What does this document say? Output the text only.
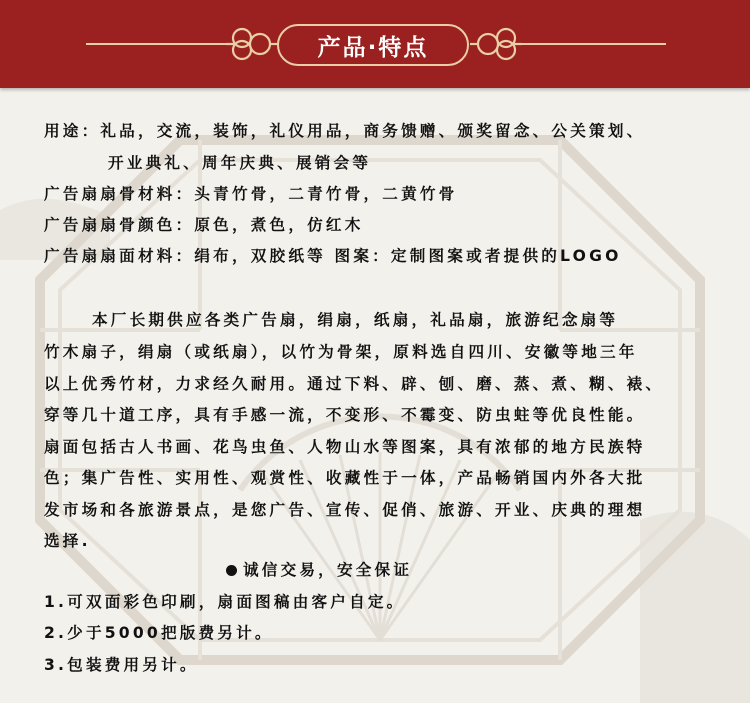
产品·特点
用途：礼品，交流，装饰，礼仪用品，商务馈赠、颁奖留念、公关策划、
开业典礼、周年庆典、展销会等
广告扇扇骨材料：头青竹骨，二青竹骨，二黄竹骨
广告扇扇骨颜色：原色，煮色，仿红木
广告扇扇面材料：绢布，双胶纸等 图案：定制图案或者提供的LOGO
本厂长期供应各类广告扇，绢扇，纸扇，礼品扇，旅游纪念扇等
竹木扇子，绢扇（或纸扇），以竹为骨架，原料选自四川、安徽等地三年
以上优秀竹材，力求经久耐用。通过下料、辟、刨、磨、蒸、煮、糊、裱、
穿等几十道工序，具有手感一流，不变形、不霉变、防虫蛀等优良性能。
扇面包括古人书画、花鸟虫鱼、人物山水等图案，具有浓郁的地方民族特
色；集广告性、实用性、观赏性、收藏性于一体，产品畅销国内外各大批
发市场和各旅游景点，是您广告、宣传、促俏、旅游、开业、庆典的理想
选择.
诚信交易，安全保证
1.可双面彩色印刷，扇面图稿由客户自定。
2.少于5000把版费另计。
3.包装费用另计。
